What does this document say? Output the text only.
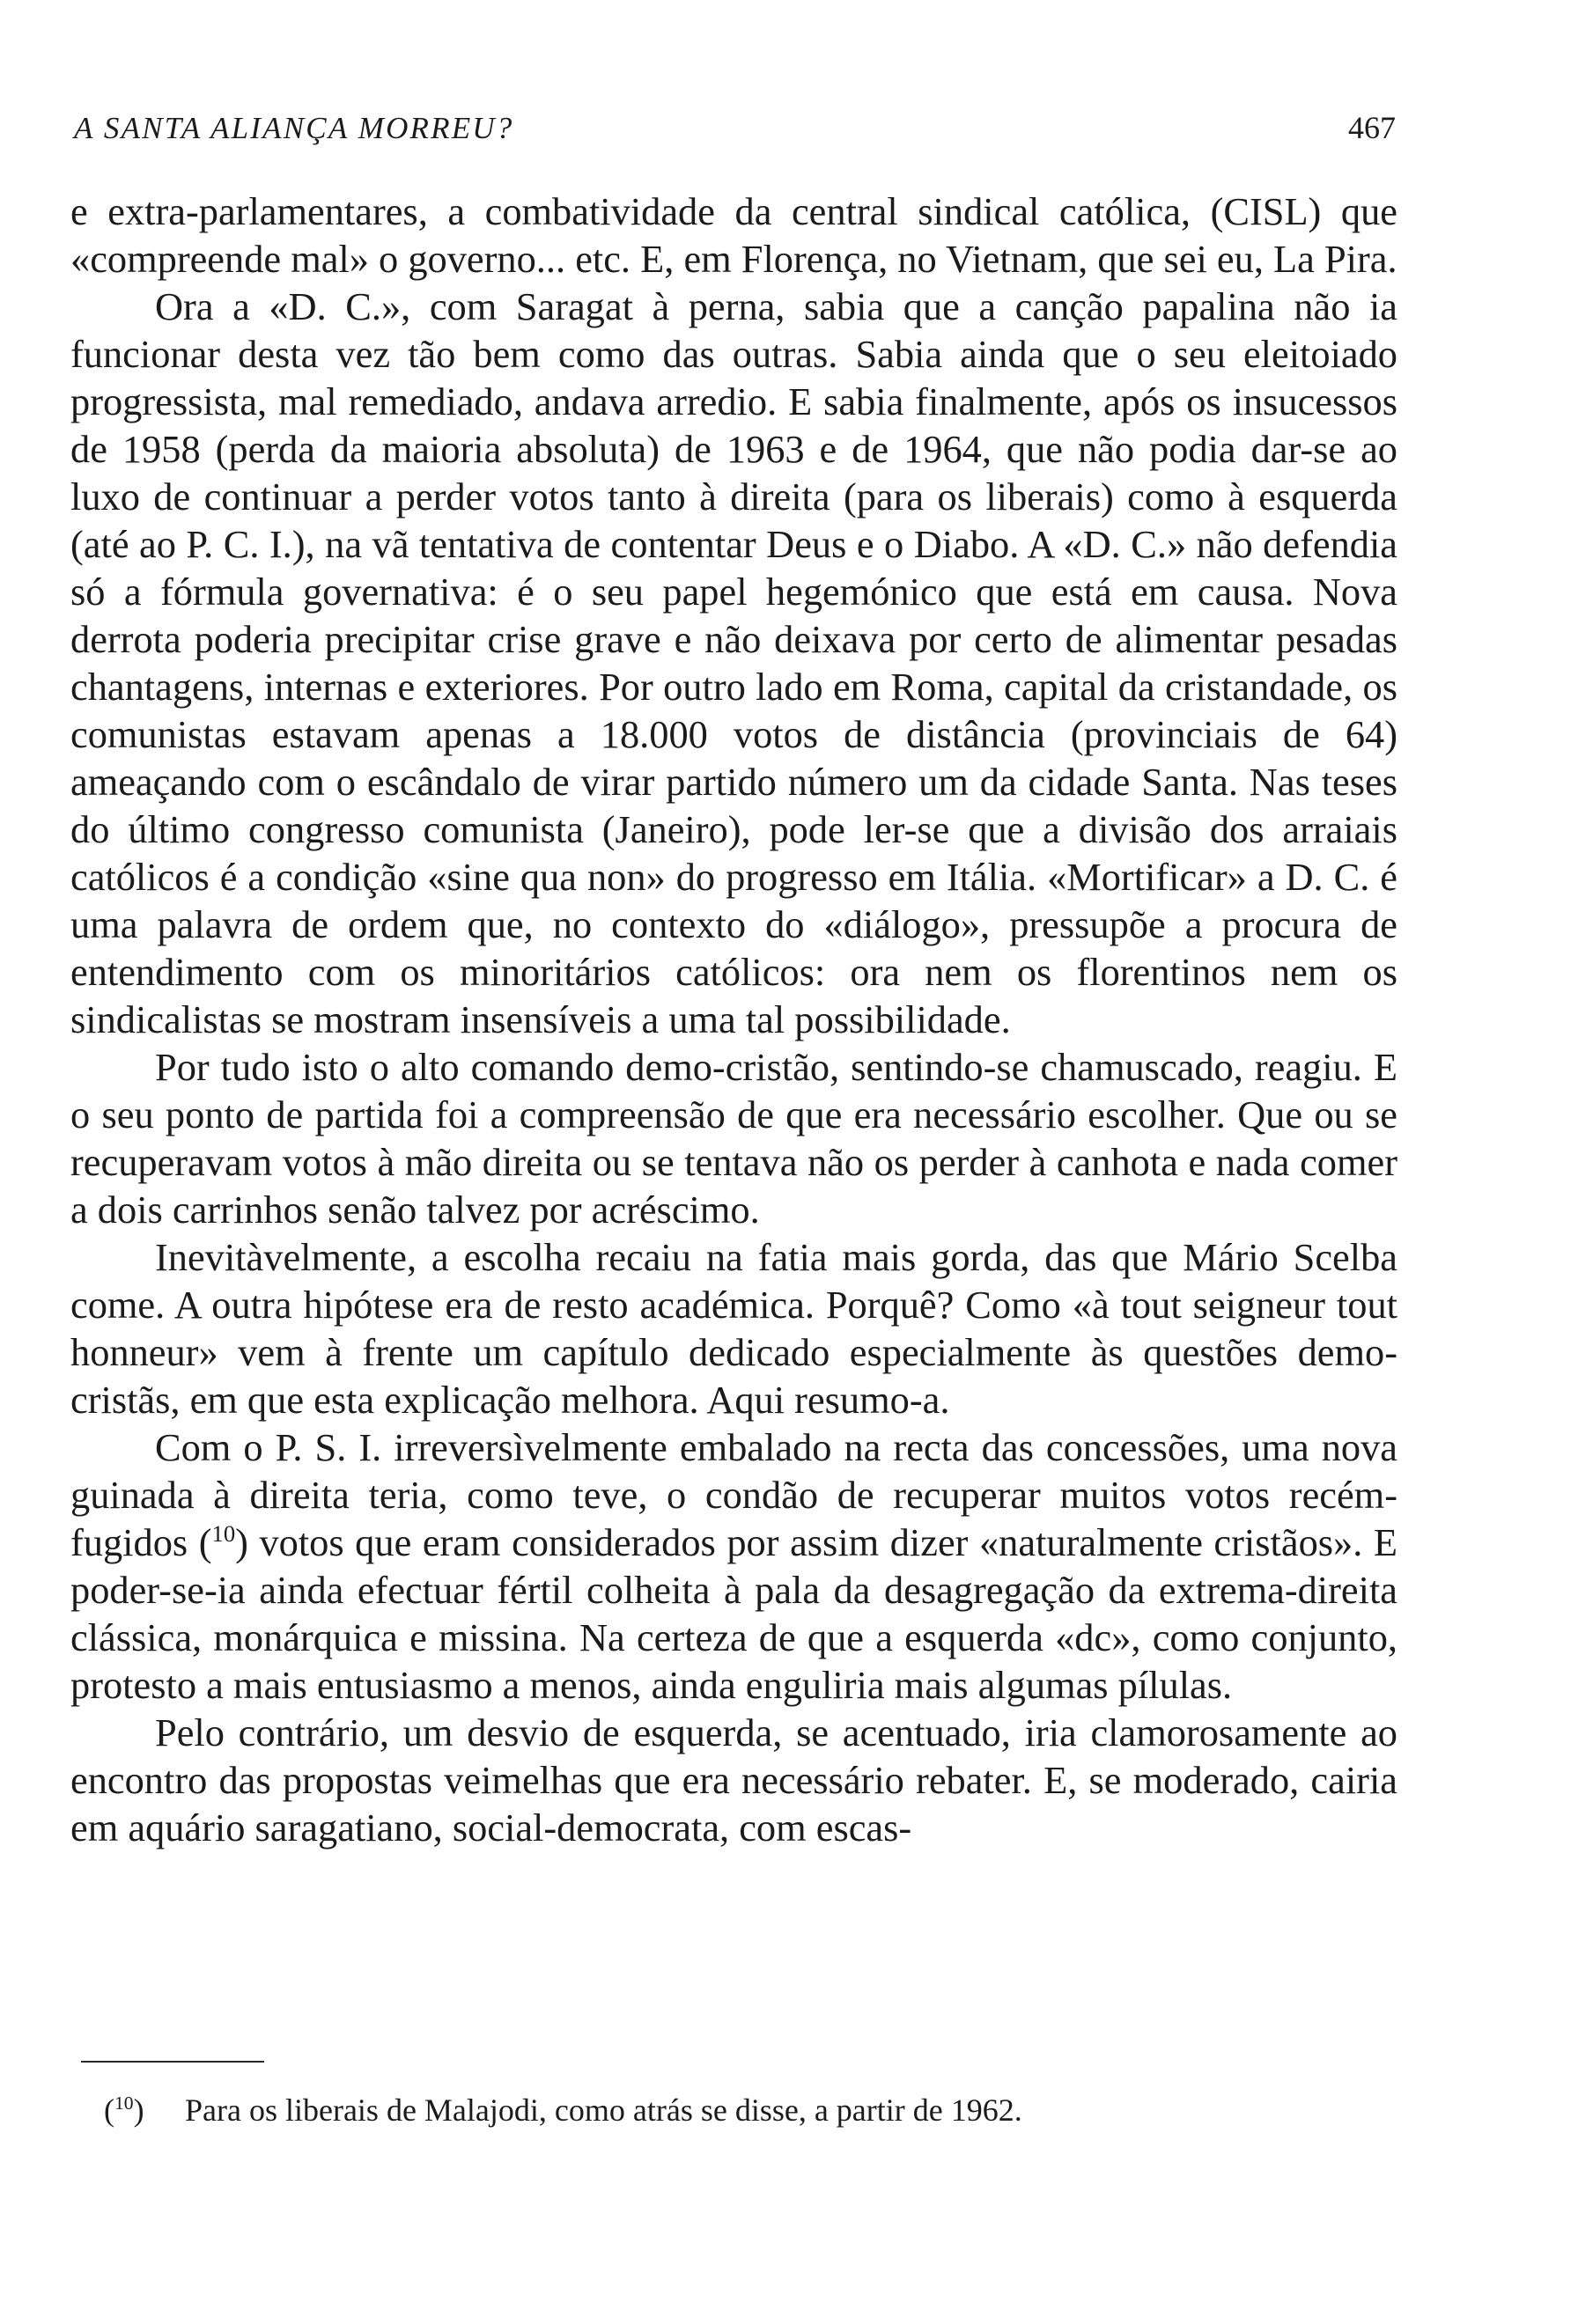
A SANTA ALIANÇA MORREU?	467

e extra-parlamentares, a combatividade da central sindical católica, (CISL) que «compreende mal» o governo... etc. E, em Florença, no Vietnam, que sei eu, La Pira.

Ora a «D. C.», com Saragat à perna, sabia que a canção papalina não ia funcionar desta vez tão bem como das outras. Sabia ainda que o seu eleitoiado progressista, mal remediado, andava arredio. E sabia finalmente, após os insucessos de 1958 (perda da maioria absoluta) de 1963 e de 1964, que não podia dar-se ao luxo de continuar a perder votos tanto à direita (para os liberais) como à esquerda (até ao P. C. I.), na vã tentativa de contentar Deus e o Diabo. A «D. C.» não defendia só a fórmula governativa: é o seu papel hegemónico que está em causa. Nova derrota poderia precipitar crise grave e não deixava por certo de alimentar pesadas chantagens, internas e exteriores. Por outro lado em Roma, capital da cristandade, os comunistas estavam apenas a 18.000 votos de distância (provinciais de 64) ameaçando com o escândalo de virar partido número um da cidade Santa. Nas teses do último congresso comunista (Janeiro), pode ler-se que a divisão dos arraiais católicos é a condição «sine qua non» do progresso em Itália. «Mortificar» a D. C. é uma palavra de ordem que, no contexto do «diálogo», pressupõe a procura de entendimento com os minoritários católicos: ora nem os florentinos nem os sindicalistas se mostram insensíveis a uma tal possibilidade.

Por tudo isto o alto comando demo-cristão, sentindo-se chamuscado, reagiu. E o seu ponto de partida foi a compreensão de que era necessário escolher. Que ou se recuperavam votos à mão direita ou se tentava não os perder à canhota e nada comer a dois carrinhos senão talvez por acréscimo.

Inevitàvelmente, a escolha recaiu na fatia mais gorda, das que Mário Scelba come. A outra hipótese era de resto académica. Porquê? Como «à tout seigneur tout honneur» vem à frente um capítulo dedicado especialmente às questões demo-cristãs, em que esta explicação melhora. Aqui resumo-a.

Com o P. S. I. irreversìvelmente embalado na recta das concessões, uma nova guinada à direita teria, como teve, o condão de recuperar muitos votos recém-fugidos ($^{10}$) votos que eram considerados por assim dizer «naturalmente cristãos». E poder-se-ia ainda efectuar fértil colheita à pala da desagregação da extrema-direita clássica, monárquica e missina. Na certeza de que a esquerda «dc», como conjunto, protesto a mais entusiasmo a menos, ainda enguliria mais algumas pílulas.

Pelo contrário, um desvio de esquerda, se acentuado, iria clamorosamente ao encontro das propostas veimelhas que era necessário rebater. E, se moderado, cairia em aquário saragatiano, social-democrata, com escas-

($^{10}$) Para os liberais de Malajodi, como atrás se disse, a partir de 1962.
